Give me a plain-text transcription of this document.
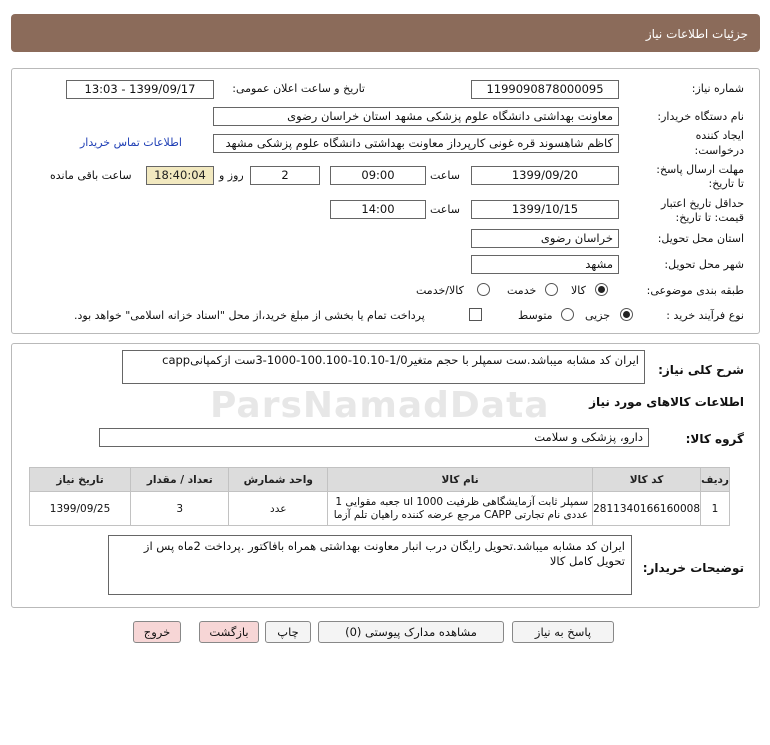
جزئیات اطلاعات نیاز
شماره نیاز:
1199090878000095
تاریخ و ساعت اعلان عمومی:
1399/09/17 - 13:03
نام دستگاه خریدار:
معاونت بهداشتی دانشگاه علوم پزشکی مشهد استان خراسان رضوی
ایجاد کننده
درخواست:
کاظم شاهسوند قره غونی کارپرداز معاونت بهداشتی دانشگاه علوم پزشکی مشهد
اطلاعات تماس خریدار
مهلت ارسال پاسخ:
تا تاریخ:
1399/09/20
ساعت
09:00
2
روز و
18:40:04
ساعت باقی مانده
حداقل تاریخ اعتبار
قیمت: تا تاریخ:
1399/10/15
ساعت
14:00
استان محل تحویل:
خراسان رضوی
شهر محل تحویل:
مشهد
طبقه بندی موضوعی:
کالا
خدمت
کالا/خدمت
نوع فرآیند خرید :
جزیی
متوسط
پرداخت تمام یا بخشی از مبلغ خرید،از محل "اسناد خزانه اسلامی" خواهد بود.
شرح کلی نیاز:
ایران کد مشابه میباشد.ست سمپلر با حجم متغیر1/0-10.10-100.100-1000-3ست ازکمپانیcapp
ParsNamadData	اطلاعات کالاهای مورد نیاز
گروه کالا:
دارو، پزشکی و سلامت
ردیف	کد کالا	نام کالا	واحد شمارش	تعداد / مقدار	تاریخ نیاز
1	2811340166160008	سمپلر ثابت آزمایشگاهی ظرفیت 1000 ul جعبه مقوایی 1 عددی نام تجارتی CAPP مرجع عرضه کننده راهیان تلم آزما	عدد	3	1399/09/25
توضیحات خریدار:
ایران کد مشابه میباشد.تحویل رایگان درب انبار معاونت بهداشتی همراه بافاکتور .پرداخت 2ماه پس از تحویل کامل کالا
پاسخ به نیاز
مشاهده مدارک پیوستی (0)
چاپ
بازگشت
خروج
